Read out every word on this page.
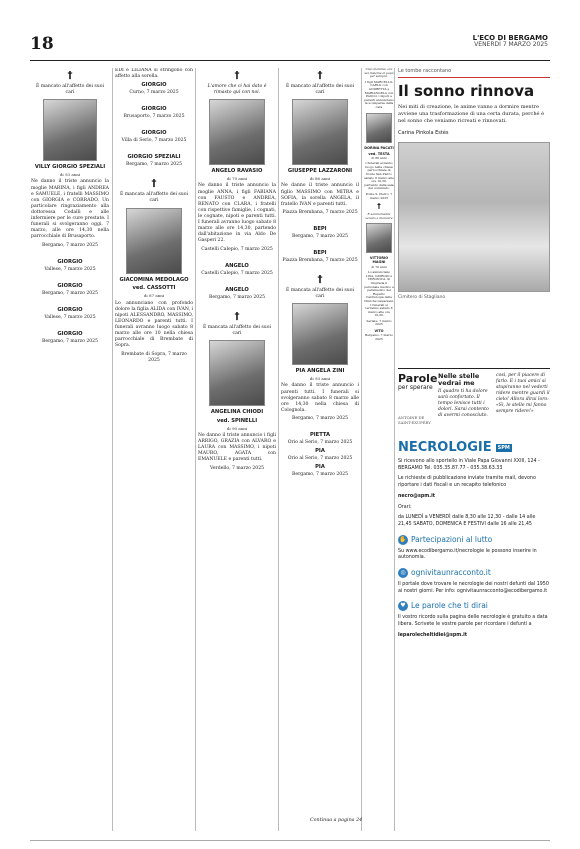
18	L'ECO DI BERGAMO
VENERDÌ 7 MARZO 2025
†

È mancato all'affetto dei suoi cari

VILLY GIORGIO SPEZIALI

di 93 anni

Ne danno il triste annuncio la moglie MARINA, i figli ANDREA e SAMUELE, i fratelli MASSIMO con GIORGIA e CORRADO. Un particolare ringraziamento alla dottoressa Codalli e alle infermiere per le cure prestate. I funerali si svolgeranno oggi, 7 marzo, alle ore 14,30 nella parrocchiale di Brusaporto.

Bergamo, 7 marzo 2025

GIORGIO

Vallese, 7 marzo 2025

GIORGIO

Bergamo, 7 marzo 2025

GIORGIO

Vallese, 7 marzo 2025

GIORGIO

Bergamo, 7 marzo 2025

EDI e LILIANA si stringono con affetto alla sorella.

GIORGIO

Curno, 7 marzo 2025

GIORGIO

Brusaporto, 7 marzo 2025

GIORGIO

Villa di Serio, 7 marzo 2025

GIORGIO SPEZIALI

Bergamo, 7 marzo 2025

†

È mancata all'affetto dei suoi cari

GIACOMINA MEDOLAGO
ved. CASSOTTI

di 87 anni

Lo annunciano con profondo dolore la figlia ALIDA con IVAN, i nipoti ALESSANDRO, MASSIMO, LEONARDO e parenti tutti. I funerali avranno luogo sabato 8 marzo alle ore 10 nella chiesa parrocchiale di Brembate di Sopra.

Brembate di Sopra, 7 marzo 2025

†

L'amore che ci hai dato è rimasto qui con noi.

ANGELO RAVASIO

di 79 anni

Ne danno il triste annuncio la moglie ANNA, i figli FABIANA con FAUSTO e ANDREA, RENATO con CLARA, i fratelli con rispettive famiglie, i cognati, le cognate, nipoti e parenti tutti. I funerali avranno luogo sabato 8 marzo alle ore 14,30, partendo dall'abitazione in via Aldo De Gasperi 22.

Castelli Calepio, 7 marzo 2025

ANGELO

Castelli Calepio, 7 marzo 2025

ANGELO

Bergamo, 7 marzo 2025

†

È mancata all'affetto dei suoi cari

ANGELINA CHIODI
ved. SPINELLI

di 90 anni

Ne danno il triste annuncio i figli ARRIGO, GRAZIA con ALVARO e LAURA con MASSIMO, i nipoti MAURO, AGATA con EMANUELE e parenti tutti.

Verdello, 7 marzo 2025

†

È mancato all'affetto dei suoi cari

GIUSEPPE LAZZARONI

di 86 anni

Ne danno il triste annuncio il figlio MASSIMO con MITRA e SOFIA, la sorella ANGELA, il fratello IVAN e parenti tutti.

Piazza Brembana, 7 marzo 2025

BEPI

Bergamo, 7 marzo 2025

BEPI

Piazza Brembana, 7 marzo 2025

†

È mancata all'affetto dei suoi cari

PIA ANGELA ZINI

di 93 anni

Ne danno il triste annuncio i parenti tutti. I funerali si svolgeranno sabato 8 marzo alle ore 14,30 nella chiesa di Colognola.

Bergamo, 7 marzo 2025

PIETTA

Orio al Serio, 7 marzo 2025

PIA

Orio al Serio, 7 marzo 2025

PIA

Bergamo, 7 marzo 2025

Le tombe raccontano
Il sonno rinnova
Nei miti di creazione, le anime vanno a dormire mentre avviene una trasformazione di una certa durata, perché è nel sonno che veniamo ricreati e rinnovati.
Carina Pinkola Estés
Cimitero di Stagliano
Parole
per sperare
ANTOINE DE SAINT-EXUPÉRY
Nelle stelle vedrai me
Il quadro ti ha dolore sarà confortato. Il tempo lenisce tutti i dolori. Sarai contento di avermi conosciuto.
cosi, per il piacere di farlo. E i tuoi amici si stupiranno nel vederti ridere mentre guardi il cielo! Allora dirai loro: «Sì, le stelle mi fanno sempre ridere!»
NECROLOGIE SPM
Si ricevono allo sportello in Viale Papa Giovanni XXIII, 124 - BERGAMO Tel. 035.35.87.77 - 035.38.63.33
Le richieste di pubblicazione inviate tramite mail, devono riportare i dati fiscali e un recapito telefonico
necro@spm.it
Orari:
da LUNEDÌ a VENERDÌ dalle 8,30 alle 12,30 - dalle 14 alle 21,45 SABATO, DOMENICA E FESTIVI dalle 16 alle 21,45
✋ Partecipazioni al lutto
Su www.ecodibergamo.it/necrologie le possono inserire in autonomia.
◎ ognivitaunracconto.it
Il portale dove trovare le necrologie dei nostri defunti dal 1950 ai nostri giorni. Per info: ognivitaunracconto@ecodibergamo.it
♥ Le parole che ti dirai
Il vostro ricordo sulla pagina delle necrologie è gratuito a data libera. Scrivete le vostre parole per ricordare i defunti a
leparolecheltidiei@spm.it

Ciao mamma, ora sei insieme al papà per sempre.

I figli MARCELLO, CARLO con ANDRETTA e MARIANGELA con PAOLO, i nipoti e parenti annunciano la scomparsa della cara

DORINA PACATI
ved. TESTA

di 88 anni

I funerali avranno luogo nella chiesa parrocchiale di Ponte San Pietro sabato 8 marzo alle ore 10,30, partendo dalla sala del commiato.

Ponte S. Pietro, 7 marzo 2025

†

È serenamente venuto a mancare

VITTORIO MAGNI

di 70 anni

Lo annunciano LISA, GIORGIO e VERONICA. Si ringrazia il personale medico e paramedico del Reparto Cardiologia delle Cliniche Gavazzeni. I funerali si terranno sabato 8 marzo alle ore 10,30.

Seriate, 7 marzo 2025

VITO

Bergamo, 7 marzo 2025

Continua a pagina 24
